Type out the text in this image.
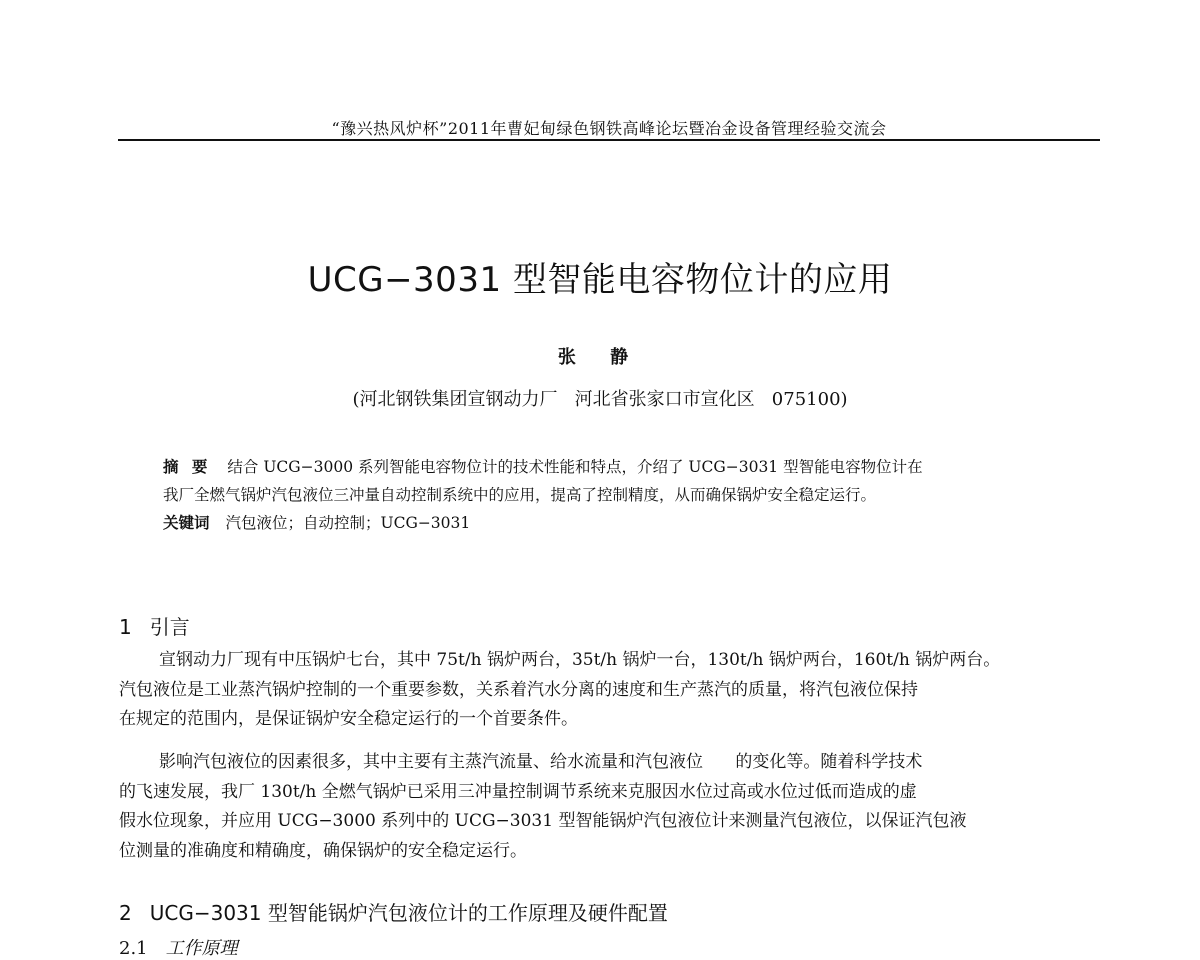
“豫兴热风炉杯”2011年曹妃甸绿色钢铁高峰论坛暨冶金设备管理经验交流会
UCG−3031 型智能电容物位计的应用
张 静
(河北钢铁集团宣钢动力厂   河北省张家口市宣化区   075100)
摘 要 结合 UCG−3000 系列智能电容物位计的技术性能和特点，介绍了 UCG−3031 型智能电容物位计在
我厂全燃气锅炉汽包液位三冲量自动控制系统中的应用，提高了控制精度，从而确保锅炉安全稳定运行。
关键词 汽包液位；自动控制；UCG−3031
1 引言
宣钢动力厂现有中压锅炉七台，其中 75t/h 锅炉两台，35t/h 锅炉一台，130t/h 锅炉两台，160t/h 锅炉两台。
汽包液位是工业蒸汽锅炉控制的一个重要参数，关系着汽水分离的速度和生产蒸汽的质量，将汽包液位保持
在规定的范围内，是保证锅炉安全稳定运行的一个首要条件。
影响汽包液位的因素很多，其中主要有主蒸汽流量、给水流量和汽包液位      的变化等。随着科学技术
的飞速发展，我厂 130t/h 全燃气锅炉已采用三冲量控制调节系统来克服因水位过高或水位过低而造成的虚
假水位现象，并应用 UCG−3000 系列中的 UCG−3031 型智能锅炉汽包液位计来测量汽包液位，以保证汽包液
位测量的准确度和精确度，确保锅炉的安全稳定运行。
2 UCG−3031 型智能锅炉汽包液位计的工作原理及硬件配置
2.1 工作原理
